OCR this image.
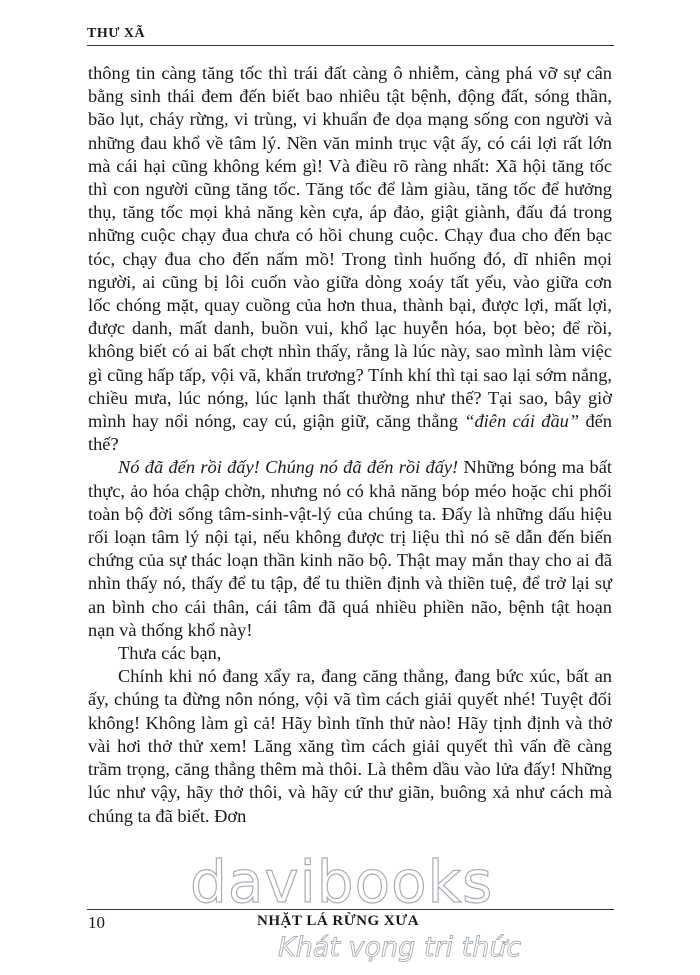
THƯ XÃ

thông tin càng tăng tốc thì trái đất càng ô nhiễm, càng phá vỡ sự cân bằng sinh thái đem đến biết bao nhiêu tật bệnh, động đất, sóng thần, bão lụt, cháy rừng, vi trùng, vi khuẩn đe dọa mạng sống con người và những đau khổ về tâm lý. Nền văn minh trục vật ấy, có cái lợi rất lớn mà cái hại cũng không kém gì! Và điều rõ ràng nhất: Xã hội tăng tốc thì con người cũng tăng tốc. Tăng tốc để làm giàu, tăng tốc để hưởng thụ, tăng tốc mọi khả năng kèn cựa, áp đảo, giật giành, đấu đá trong những cuộc chạy đua chưa có hồi chung cuộc. Chạy đua cho đến bạc tóc, chạy đua cho đến nấm mồ! Trong tình huống đó, dĩ nhiên mọi người, ai cũng bị lôi cuốn vào giữa dòng xoáy tất yếu, vào giữa cơn lốc chóng mặt, quay cuồng của hơn thua, thành bại, được lợi, mất lợi, được danh, mất danh, buồn vui, khổ lạc huyễn hóa, bọt bèo; để rồi, không biết có ai bất chợt nhìn thấy, rằng là lúc này, sao mình làm việc gì cũng hấp tấp, vội vã, khẩn trương? Tính khí thì tại sao lại sớm nắng, chiều mưa, lúc nóng, lúc lạnh thất thường như thế? Tại sao, bây giờ mình hay nổi nóng, cay cú, giận giữ, căng thẳng “điên cái đầu” đến thế?

Nó đã đến rồi đấy! Chúng nó đã đến rồi đấy! Những bóng ma bất thực, ảo hóa chập chờn, nhưng nó có khả năng bóp méo hoặc chi phối toàn bộ đời sống tâm-sinh-vật-lý của chúng ta. Đấy là những dấu hiệu rối loạn tâm lý nội tại, nếu không được trị liệu thì nó sẽ dẫn đến biến chứng của sự thác loạn thần kinh não bộ. Thật may mắn thay cho ai đã nhìn thấy nó, thấy để tu tập, để tu thiền định và thiền tuệ, để trở lại sự an bình cho cái thân, cái tâm đã quá nhiều phiền não, bệnh tật hoạn nạn và thống khổ này!

Thưa các bạn,

Chính khi nó đang xẩy ra, đang căng thẳng, đang bức xúc, bất an ấy, chúng ta đừng nôn nóng, vội vã tìm cách giải quyết nhé! Tuyệt đối không! Không làm gì cả! Hãy bình tĩnh thử nào! Hãy tịnh định và thở vài hơi thở thử xem! Lăng xăng tìm cách giải quyết thì vấn đề càng trầm trọng, căng thẳng thêm mà thôi. Là thêm dầu vào lửa đấy! Những lúc như vậy, hãy thở thôi, và hãy cứ thư giãn, buông xả như cách mà chúng ta đã biết. Đơn

10	NHẶT LÁ RỪNG XƯA
davibooks
Khát vọng tri thức
